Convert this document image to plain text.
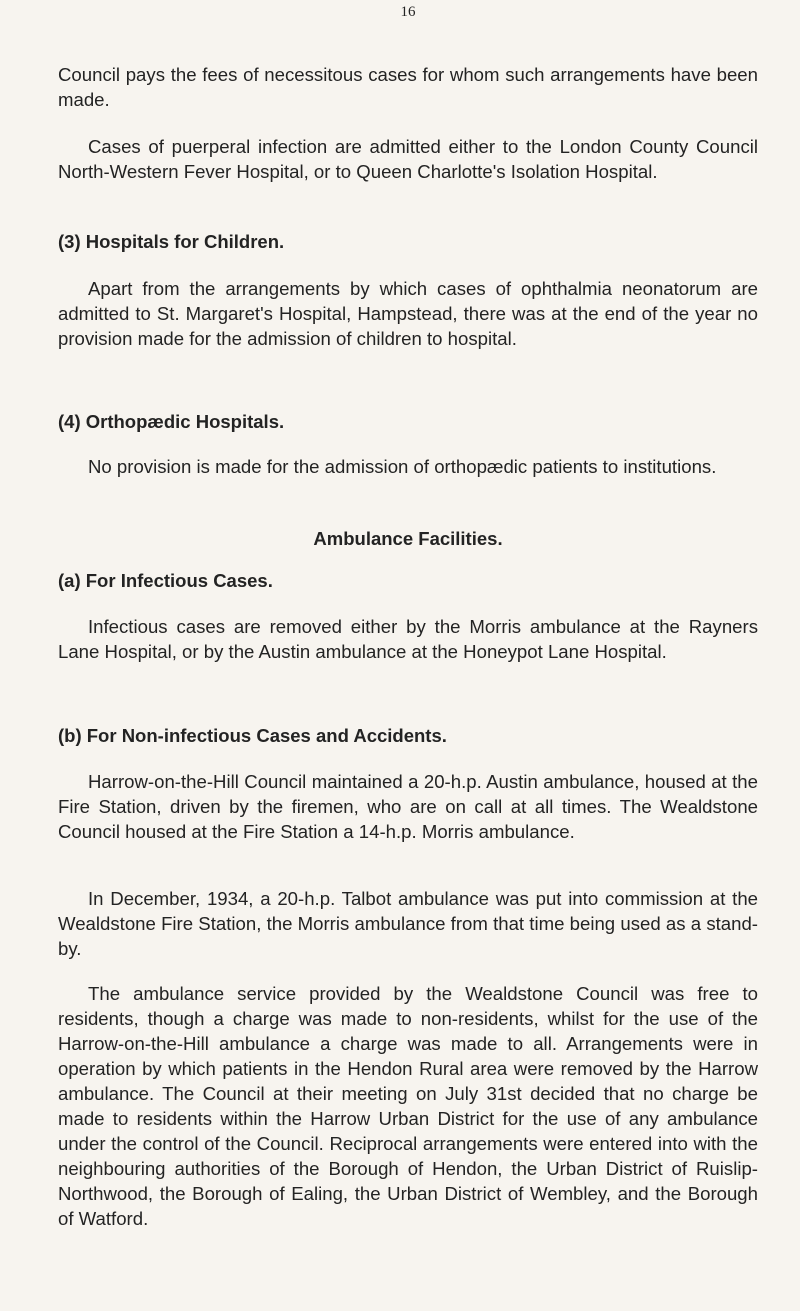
16

Council pays the fees of necessitous cases for whom such arrangements have been made.

Cases of puerperal infection are admitted either to the London County Council North-Western Fever Hospital, or to Queen Charlotte's Isolation Hospital.

(3) Hospitals for Children.

Apart from the arrangements by which cases of ophthalmia neonatorum are admitted to St. Margaret's Hospital, Hampstead, there was at the end of the year no provision made for the admission of children to hospital.

(4) Orthopædic Hospitals.

No provision is made for the admission of orthopædic patients to institutions.

Ambulance Facilities.
(a) For Infectious Cases.

Infectious cases are removed either by the Morris ambulance at the Rayners Lane Hospital, or by the Austin ambulance at the Honeypot Lane Hospital.

(b) For Non-infectious Cases and Accidents.

Harrow-on-the-Hill Council maintained a 20-h.p. Austin ambulance, housed at the Fire Station, driven by the firemen, who are on call at all times. The Wealdstone Council housed at the Fire Station a 14-h.p. Morris ambulance.

In December, 1934, a 20-h.p. Talbot ambulance was put into commission at the Wealdstone Fire Station, the Morris ambulance from that time being used as a stand-by.

The ambulance service provided by the Wealdstone Council was free to residents, though a charge was made to non-residents, whilst for the use of the Harrow-on-the-Hill ambulance a charge was made to all. Arrangements were in operation by which patients in the Hendon Rural area were removed by the Harrow ambulance. The Council at their meeting on July 31st decided that no charge be made to residents within the Harrow Urban District for the use of any ambulance under the control of the Council. Reciprocal arrangements were entered into with the neighbouring authorities of the Borough of Hendon, the Urban District of Ruislip-Northwood, the Borough of Ealing, the Urban District of Wembley, and the Borough of Watford.
